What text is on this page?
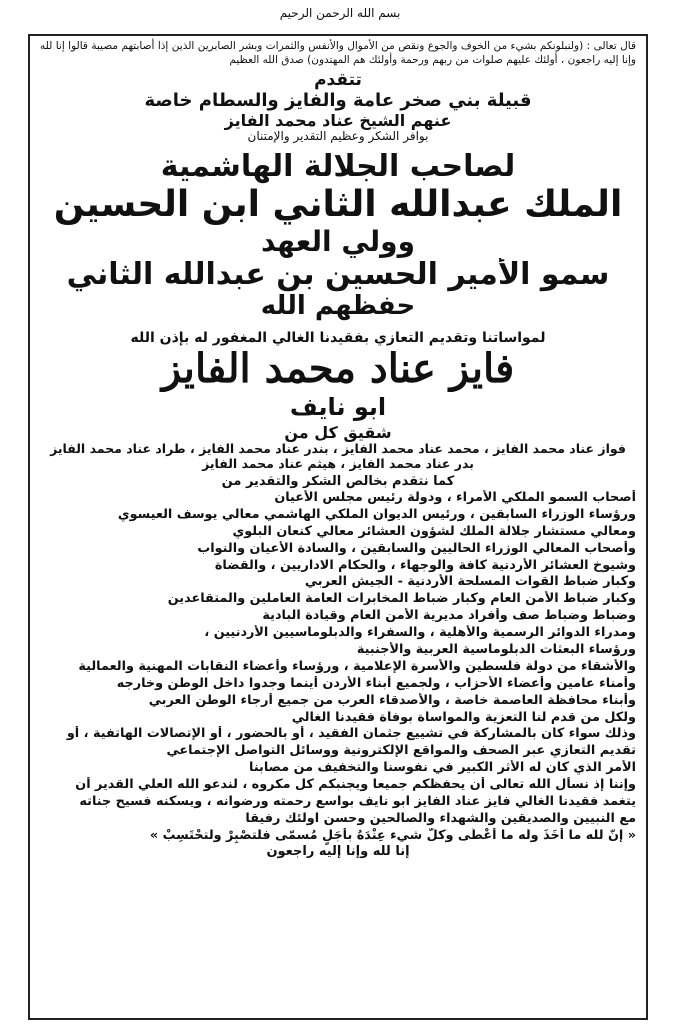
بسم الله الرحمن الرحيم
قال تعالى : (ولنبلونكم بشيء من الخوف والجوع ونقص من الأموال والأنفس والثمرات وبشر الصابرين الذين إذا أصابتهم مصيبة قالوا إنا لله وإنا إليه راجعون ، أولئك عليهم صلوات من ربهم ورحمة وأولئك هم المهتدون) صدق الله العظيم
تتقدم
قبيلة بني صخر عامة والفايز والسطام خاصة
عنهم الشيخ عناد محمد الفايز
بوافر الشكر وعظيم التقدير والإمتنان
لصاحب الجلالة الهاشمية
الملك عبدالله الثاني ابن الحسين
وولي العهد
سمو الأمير الحسين بن عبدالله الثاني
حفظهم الله
لمواساتنا وتقديم التعازي بفقيدنا الغالي المغفور له بإذن الله
فايز عناد محمد الفايز
ابو نايف
شقيق كل من
فواز عناد محمد الفايز ، محمد عناد محمد الفايز ، بندر عناد محمد الفايز ، طراد عناد محمد الفايز
بدر عناد محمد الفايز ، هيثم عناد محمد الفايز
كما نتقدم بخالص الشكر والتقدير من
أصحاب السمو الملكي الأمراء ، ودولة رئيس مجلس الأعيان
ورؤساء الوزراء السابقين ، ورئيس الديوان الملكي الهاشمي معالي يوسف العيسوي
ومعالي مستشار جلالة الملك لشؤون العشائر معالي كنعان البلوي
وأصحاب المعالي الوزراء الحاليين والسابقين ، والسادة الأعيان والنواب
وشيوخ العشائر الأردنية كافة والوجهاء ، والحكام الاداريين ، والقضاة
وكبار ضباط القوات المسلحة الأردنية - الجيش العربي
وكبار ضباط الأمن العام وكبار ضباط المخابرات العامة العاملين والمتقاعدين
وضباط وضباط صف وأفراد مديرية الأمن العام وقيادة البادية
ومدراء الدوائر الرسمية والأهلية ، والسفراء والدبلوماسيين الأردنيين ،
ورؤساء البعثات الدبلوماسية العربية والأجنبية
والأشقاء من دولة فلسطين والأسرة الإعلامية ، ورؤساء وأعضاء النقابات المهنية والعمالية
وأمناء عامين وأعضاء الأحزاب ، ولجميع أبناء الأردن أينما وجدوا داخل الوطن وخارجه
وأبناء محافظة العاصمة خاصة ، والأصدقاء العرب من جميع أرجاء الوطن العربي
ولكل من قدم لنا التعزية والمواساة بوفاة فقيدنا الغالي
وذلك سواء كان بالمشاركة في تشييع جثمان الفقيد ، أو بالحضور ، أو الإتصالات الهاتفية ، أو
تقديم التعازي عبر الصحف والمواقع الإلكترونية ووسائل التواصل الإجتماعي
الأمر الذي كان له الأثر الكبير في نفوسنا والتخفيف من مصابنا
وإننا إذ نسأل الله تعالى أن يحفظكم جميعا ويجنبكم كل مكروه ، لندعو الله العلي القدير أن
يتغمد فقيدنا الغالي فايز عناد الفايز ابو نايف بواسع رحمته ورضوانه ، ويسكنه فسيح جناته
مع النبيين والصديقين والشهداء والصالحين وحسن اولئك رفيقا
« إنّ لله ما أخَذَ وله ما أعْطَى وكلُّ شيء عِنْدَهُ بأجَلٍ مُسمّى فلتصْبِرْ ولتحْتَسِبْ »
إنا لله وإنا إليه راجعون
